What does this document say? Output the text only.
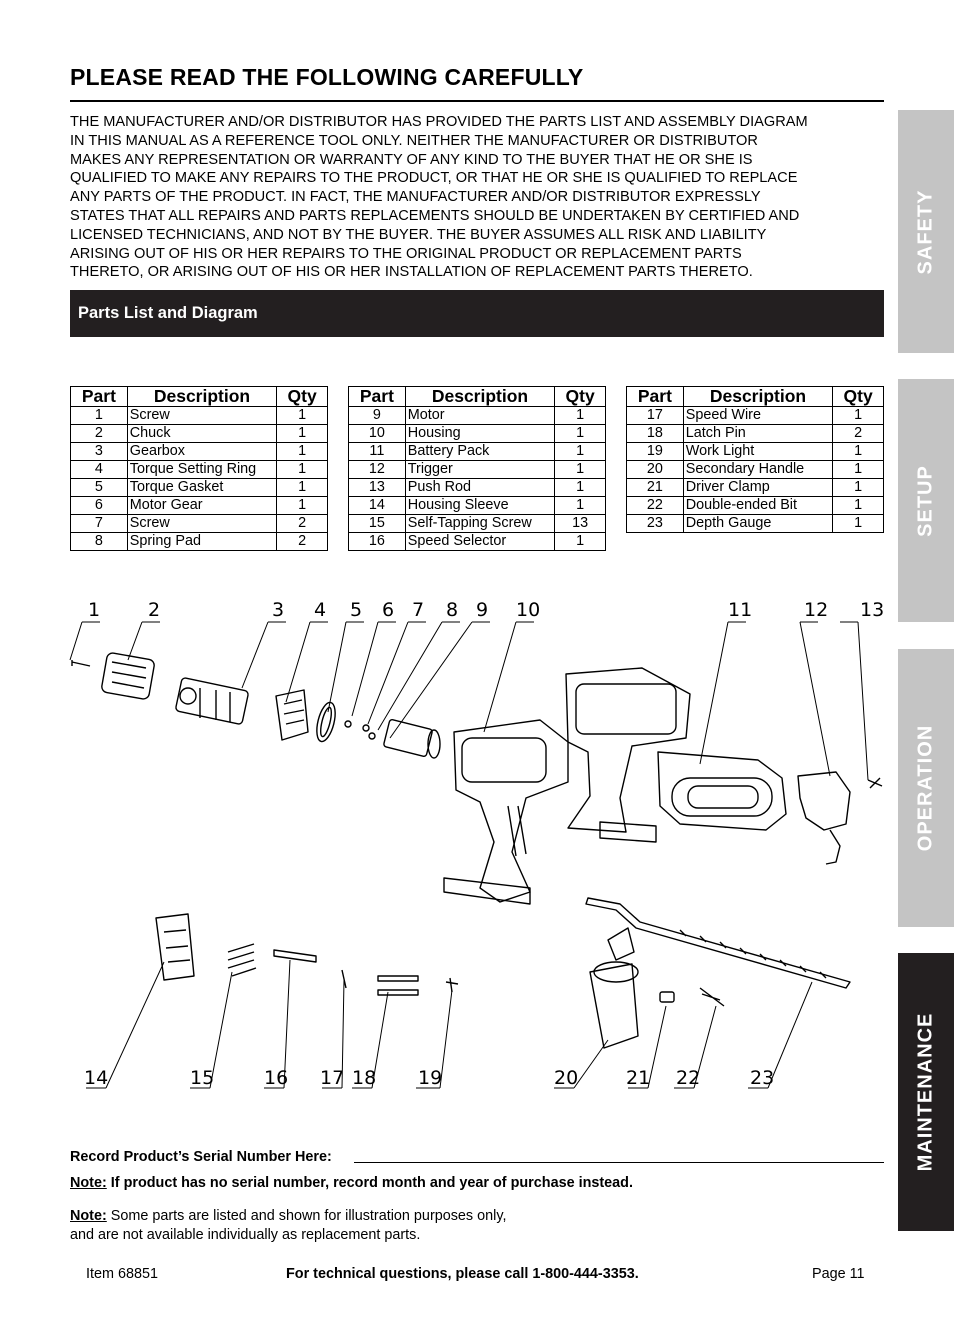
PLEASE READ THE FOLLOWING CAREFULLY
THE MANUFACTURER AND/OR DISTRIBUTOR HAS PROVIDED THE PARTS LIST AND ASSEMBLY DIAGRAM
IN THIS MANUAL AS A REFERENCE TOOL ONLY. NEITHER THE MANUFACTURER OR DISTRIBUTOR
MAKES ANY REPRESENTATION OR WARRANTY OF ANY KIND TO THE BUYER THAT HE OR SHE IS
QUALIFIED TO MAKE ANY REPAIRS TO THE PRODUCT, OR THAT HE OR SHE IS QUALIFIED TO REPLACE
ANY PARTS OF THE PRODUCT. IN FACT, THE MANUFACTURER AND/OR DISTRIBUTOR EXPRESSLY
STATES THAT ALL REPAIRS AND PARTS REPLACEMENTS SHOULD BE UNDERTAKEN BY CERTIFIED AND
LICENSED TECHNICIANS, AND NOT BY THE BUYER. THE BUYER ASSUMES ALL RISK AND LIABILITY
ARISING OUT OF HIS OR HER REPAIRS TO THE ORIGINAL PRODUCT OR REPLACEMENT PARTS
THERETO, OR ARISING OUT OF HIS OR HER INSTALLATION OF REPLACEMENT PARTS THERETO.
Parts List and Diagram
Part	Description	Qty
1	Screw	1
2	Chuck	1
3	Gearbox	1
4	Torque Setting Ring	1
5	Torque Gasket	1
6	Motor Gear	1
7	Screw	2
8	Spring Pad	2
Part	Description	Qty
9	Motor	1
10	Housing	1
11	Battery Pack	1
12	Trigger	1
13	Push Rod	1
14	Housing Sleeve	1
15	Self-Tapping Screw	13
16	Speed Selector	1
Part	Description	Qty
17	Speed Wire	1
18	Latch Pin	2
19	Work Light	1
20	Secondary Handle	1
21	Driver Clamp	1
22	Double-ended Bit	1
23	Depth Gauge	1
SAFETY
SETUP
OPERATION
MAINTENANCE
1	2	3 4 5 6 7 8 9 10	11	12 13
14	15	16 17 18 19	20	21 22	23
Record Product’s Serial Number Here:
Note: If product has no serial number, record month and year of purchase instead.
Note: Some parts are listed and shown for illustration purposes only,
and are not available individually as replacement parts.
Item 68851	For technical questions, please call 1-800-444-3353.	Page 11
